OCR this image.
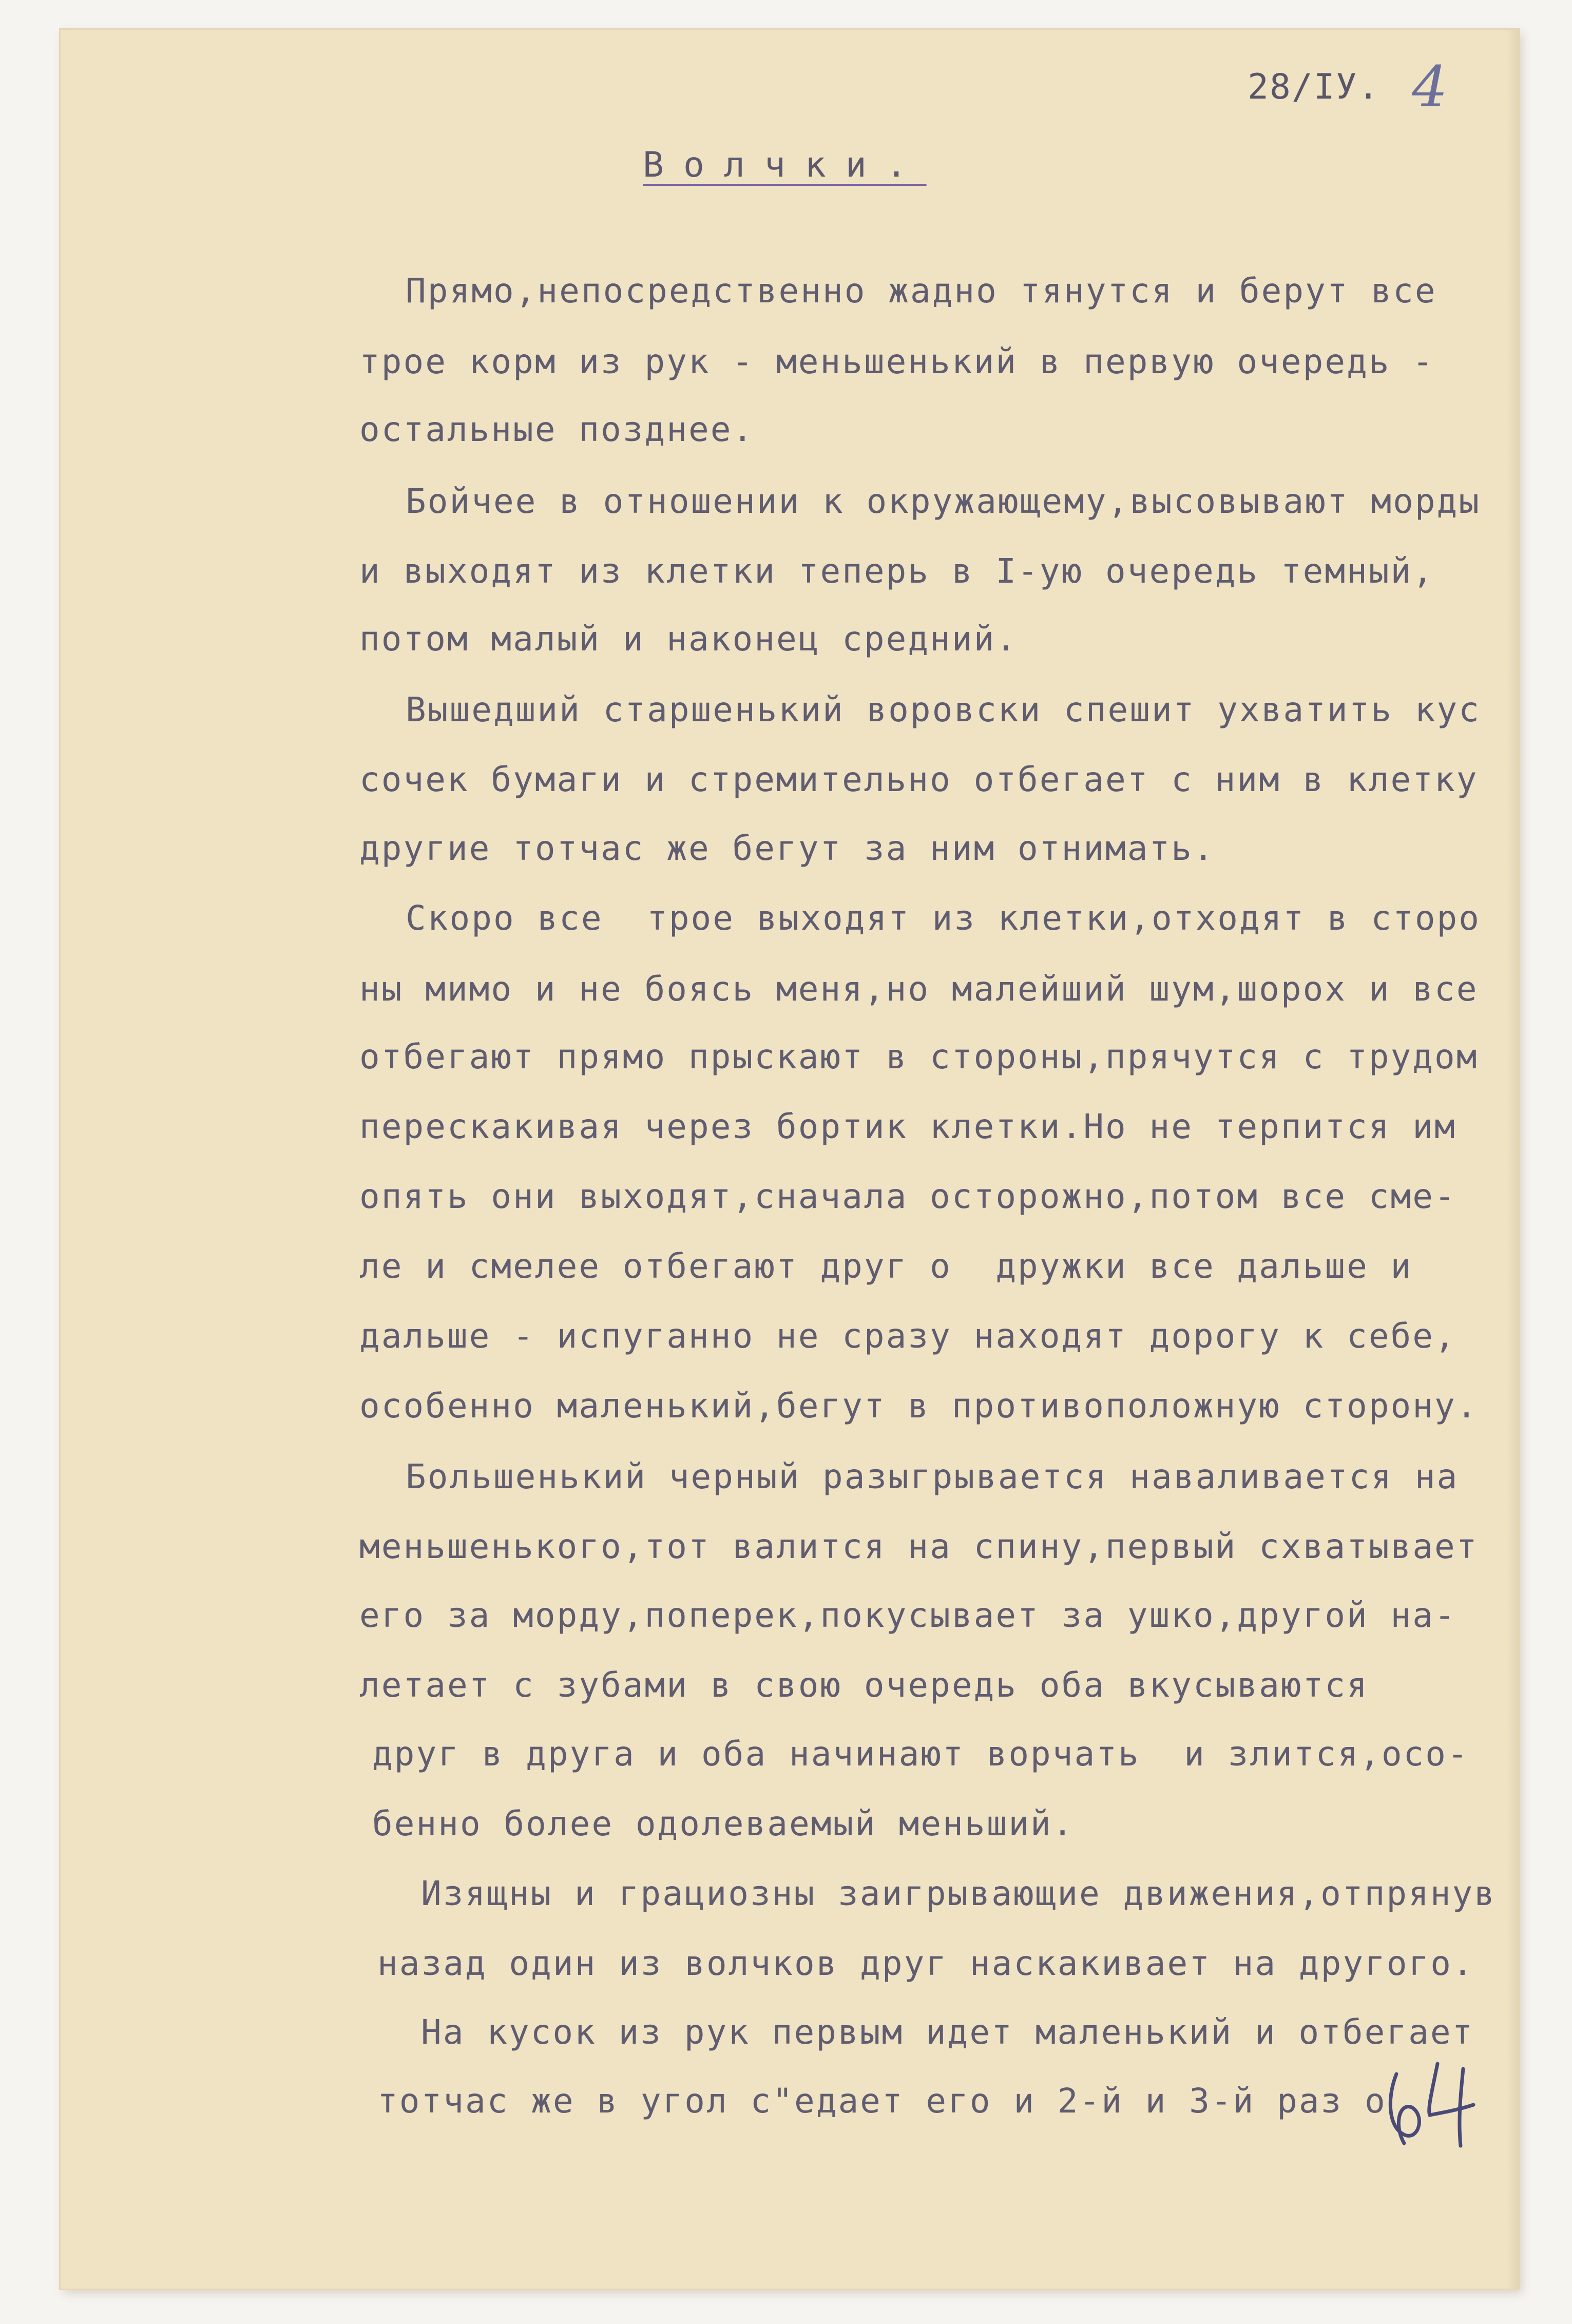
28/IУ. 4
Волчки.
Прямо,непосредственно жадно тянутся и берут все
трое корм из рук - меньшенький в первую очередь -
остальные позднее.
Бойчее в отношении к окружающему,высовывают морды
и выходят из клетки теперь в I-ую очередь темный,
потом малый и наконец средний.
Вышедший старшенький воровски спешит ухватить кус
сочек бумаги и стремительно отбегает с ним в клетку
другие тотчас же бегут за ним отнимать.
Скоро все  трое выходят из клетки,отходят в сторо
ны мимо и не боясь меня,но малейший шум,шорох и все
отбегают прямо прыскают в стороны,прячутся с трудом
перескакивая через бортик клетки.Но не терпится им
опять они выходят,сначала осторожно,потом все сме-
ле и смелее отбегают друг о  дружки все дальше и
дальше - испуганно не сразу находят дорогу к себе,
особенно маленький,бегут в противоположную сторону.
Большенький черный разыгрывается наваливается на
меньшенького,тот валится на спину,первый схватывает
его за морду,поперек,покусывает за ушко,другой на-
летает с зубами в свою очередь оба вкусываются
друг в друга и оба начинают ворчать  и злится,осо-
бенно более одолеваемый меньший.
Изящны и грациозны заигрывающие движения,отпрянув
назад один из волчков друг наскакивает на другого.
На кусок из рук первым идет маленький и отбегает
тотчас же в угол с"едает его и 2-й и 3-й раз о
